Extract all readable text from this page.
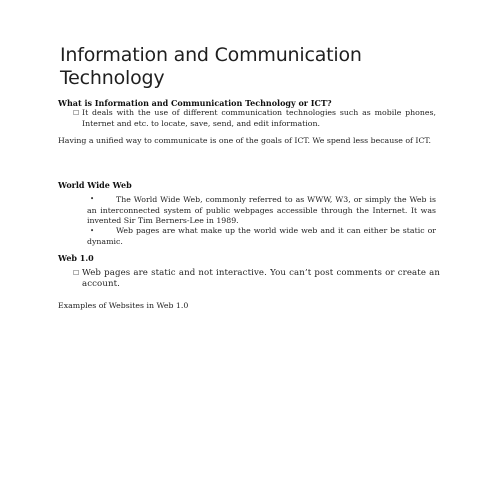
Information and Communication Technology
What is Information and Communication Technology or ICT?
☐ It deals with the use of different communication technologies such as mobile phones, Internet and etc. to locate, save, send, and edit information.
Having a unified way to communicate is one of the goals of ICT. We spend less because of ICT.
World Wide Web
•	The World Wide Web, commonly referred to as WWW, W3, or simply the Web is an interconnected system of public webpages accessible through the Internet. It was invented Sir Tim Berners-Lee in 1989.
•	Web pages are what make up the world wide web and it can either be static or dynamic.
Web 1.0
☐ Web pages are static and not interactive. You can’t post comments or create an account.
Examples of Websites in Web 1.0
